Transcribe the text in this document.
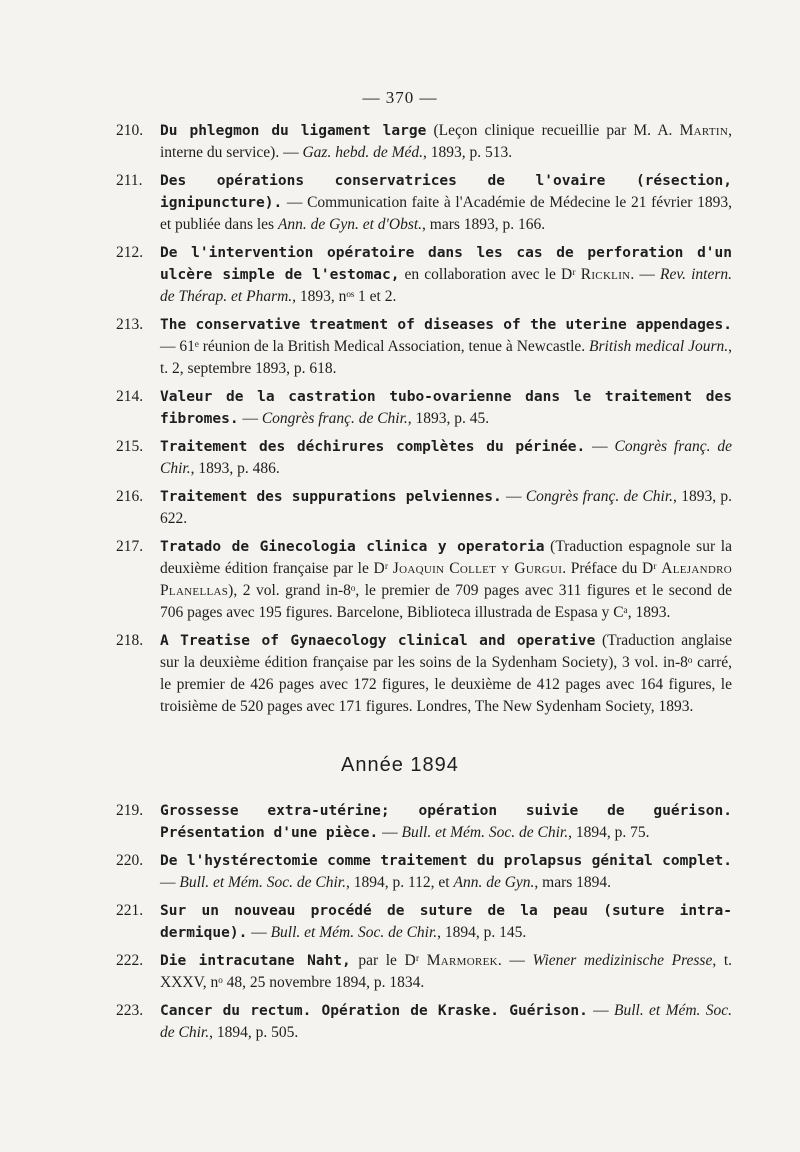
— 370 —
210.	Du phlegmon du ligament large (Leçon clinique recueillie par M. A. Martin, interne du service). — Gaz. hebd. de Méd., 1893, p. 513.
211.	Des opérations conservatrices de l'ovaire (résection, ignipuncture). — Communication faite à l'Académie de Médecine le 21 février 1893, et publiée dans les Ann. de Gyn. et d'Obst., mars 1893, p. 166.
212.	De l'intervention opératoire dans les cas de perforation d'un ulcère simple de l'estomac, en collaboration avec le Dʳ Ricklin. — Rev. intern. de Thérap. et Pharm., 1893, nᵒˢ 1 et 2.
213.	The conservative treatment of diseases of the uterine appendages. — 61ᵉ réunion de la British Medical Association, tenue à Newcastle. British medical Journ., t. 2, septembre 1893, p. 618.
214.	Valeur de la castration tubo-ovarienne dans le traitement des fibromes. — Congrès franç. de Chir., 1893, p. 45.
215.	Traitement des déchirures complètes du périnée. — Congrès franç. de Chir., 1893, p. 486.
216.	Traitement des suppurations pelviennes. — Congrès franç. de Chir., 1893, p. 622.
217.	Tratado de Ginecologia clinica y operatoria (Traduction espagnole sur la deuxième édition française par le Dʳ Joaquin Collet y Gurgui. Préface du Dʳ Alejandro Planellas), 2 vol. grand in-8ᵒ, le premier de 709 pages avec 311 figures et le second de 706 pages avec 195 figures. Barcelone, Biblioteca illustrada de Espasa y Cᵃ, 1893.
218.	A Treatise of Gynaecology clinical and operative (Traduction anglaise sur la deuxième édition française par les soins de la Sydenham Society), 3 vol. in-8ᵒ carré, le premier de 426 pages avec 172 figures, le deuxième de 412 pages avec 164 figures, le troisième de 520 pages avec 171 figures. Londres, The New Sydenham Society, 1893.
Année 1894
219.	Grossesse extra-utérine; opération suivie de guérison. Présentation d'une pièce. — Bull. et Mém. Soc. de Chir., 1894, p. 75.
220.	De l'hystérectomie comme traitement du prolapsus génital complet. — Bull. et Mém. Soc. de Chir., 1894, p. 112, et Ann. de Gyn., mars 1894.
221.	Sur un nouveau procédé de suture de la peau (suture intra-dermique). — Bull. et Mém. Soc. de Chir., 1894, p. 145.
222.	Die intracutane Naht, par le Dʳ Marmorek. — Wiener medizinische Presse, t. XXXV, nᵒ 48, 25 novembre 1894, p. 1834.
223.	Cancer du rectum. Opération de Kraske. Guérison. — Bull. et Mém. Soc. de Chir., 1894, p. 505.
